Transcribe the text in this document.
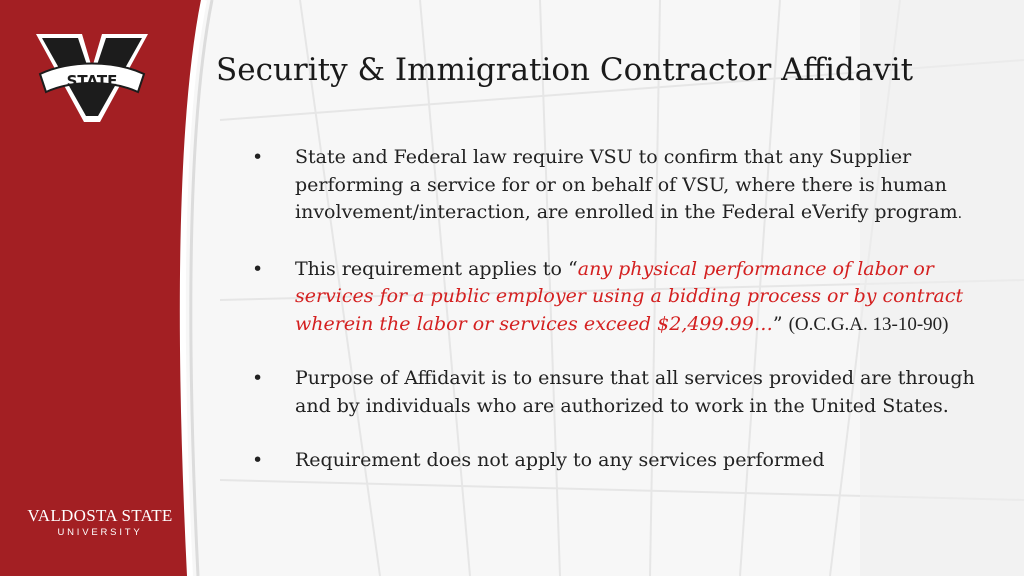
STATE
VALDOSTA STATE
UNIVERSITY
Security & Immigration Contractor Affidavit
• State and Federal law require VSU to confirm that any Supplier performing a service for or on behalf of VSU, where there is human involvement/interaction, are enrolled in the Federal eVerify program.
• This requirement applies to “any physical performance of labor or services for a public employer using a bidding process or by contract wherein the labor or services exceed $2,499.99…” (O.C.G.A. 13-10-90)
• Purpose of Affidavit is to ensure that all services provided are through and by individuals who are authorized to work in the United States.
• Requirement does not apply to any services performed
